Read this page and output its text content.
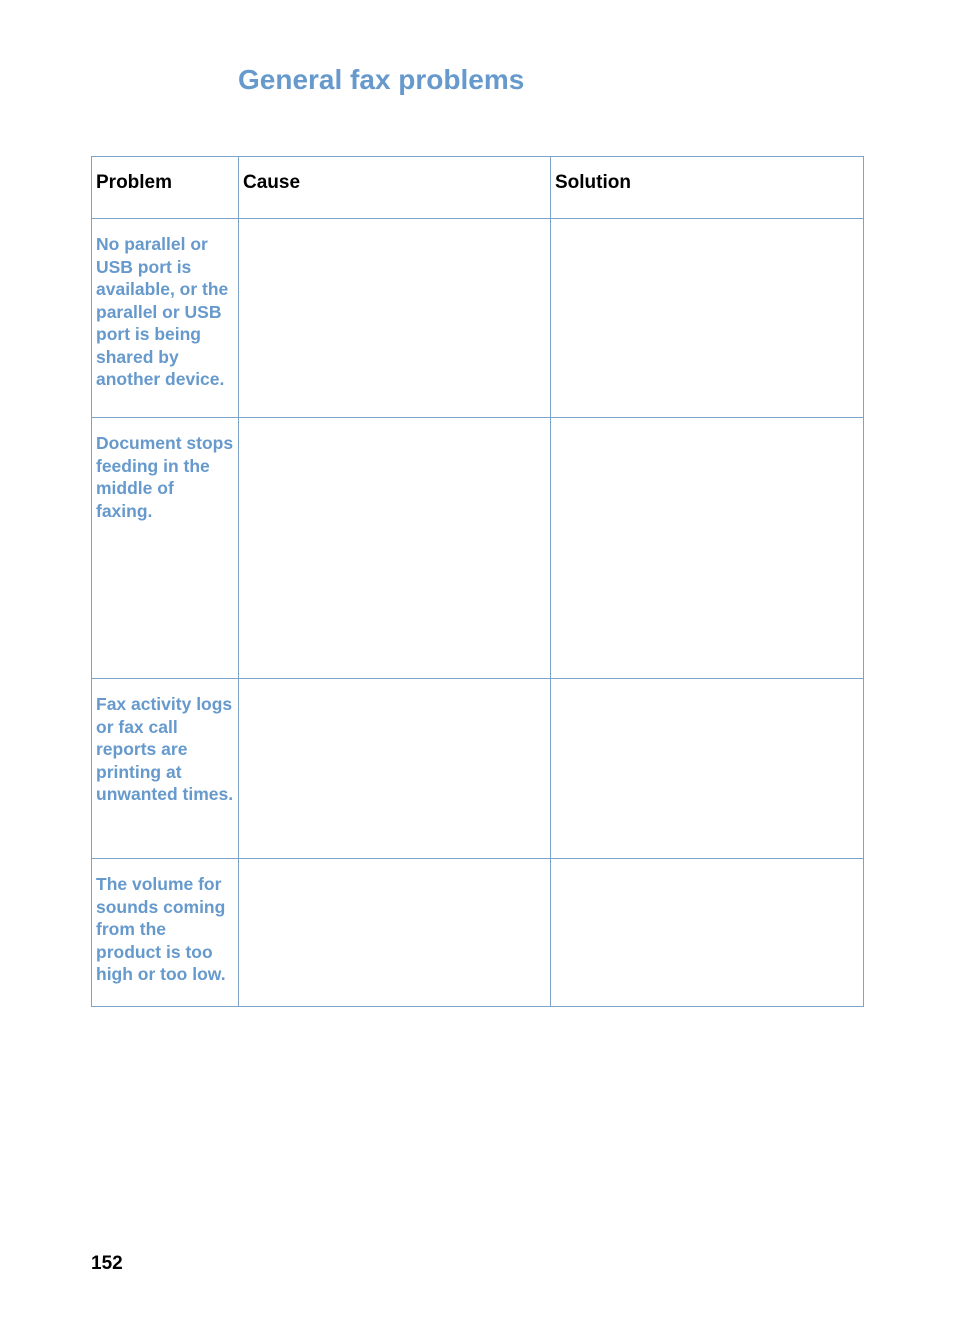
General fax problems
Problem	Cause	Solution
No parallel or USB port is available, or the parallel or USB port is being shared by another device.		
Document stops feeding in the middle of faxing.		
Fax activity logs or fax call reports are printing at unwanted times.		
The volume for sounds coming from the product is too high or too low.		
152
